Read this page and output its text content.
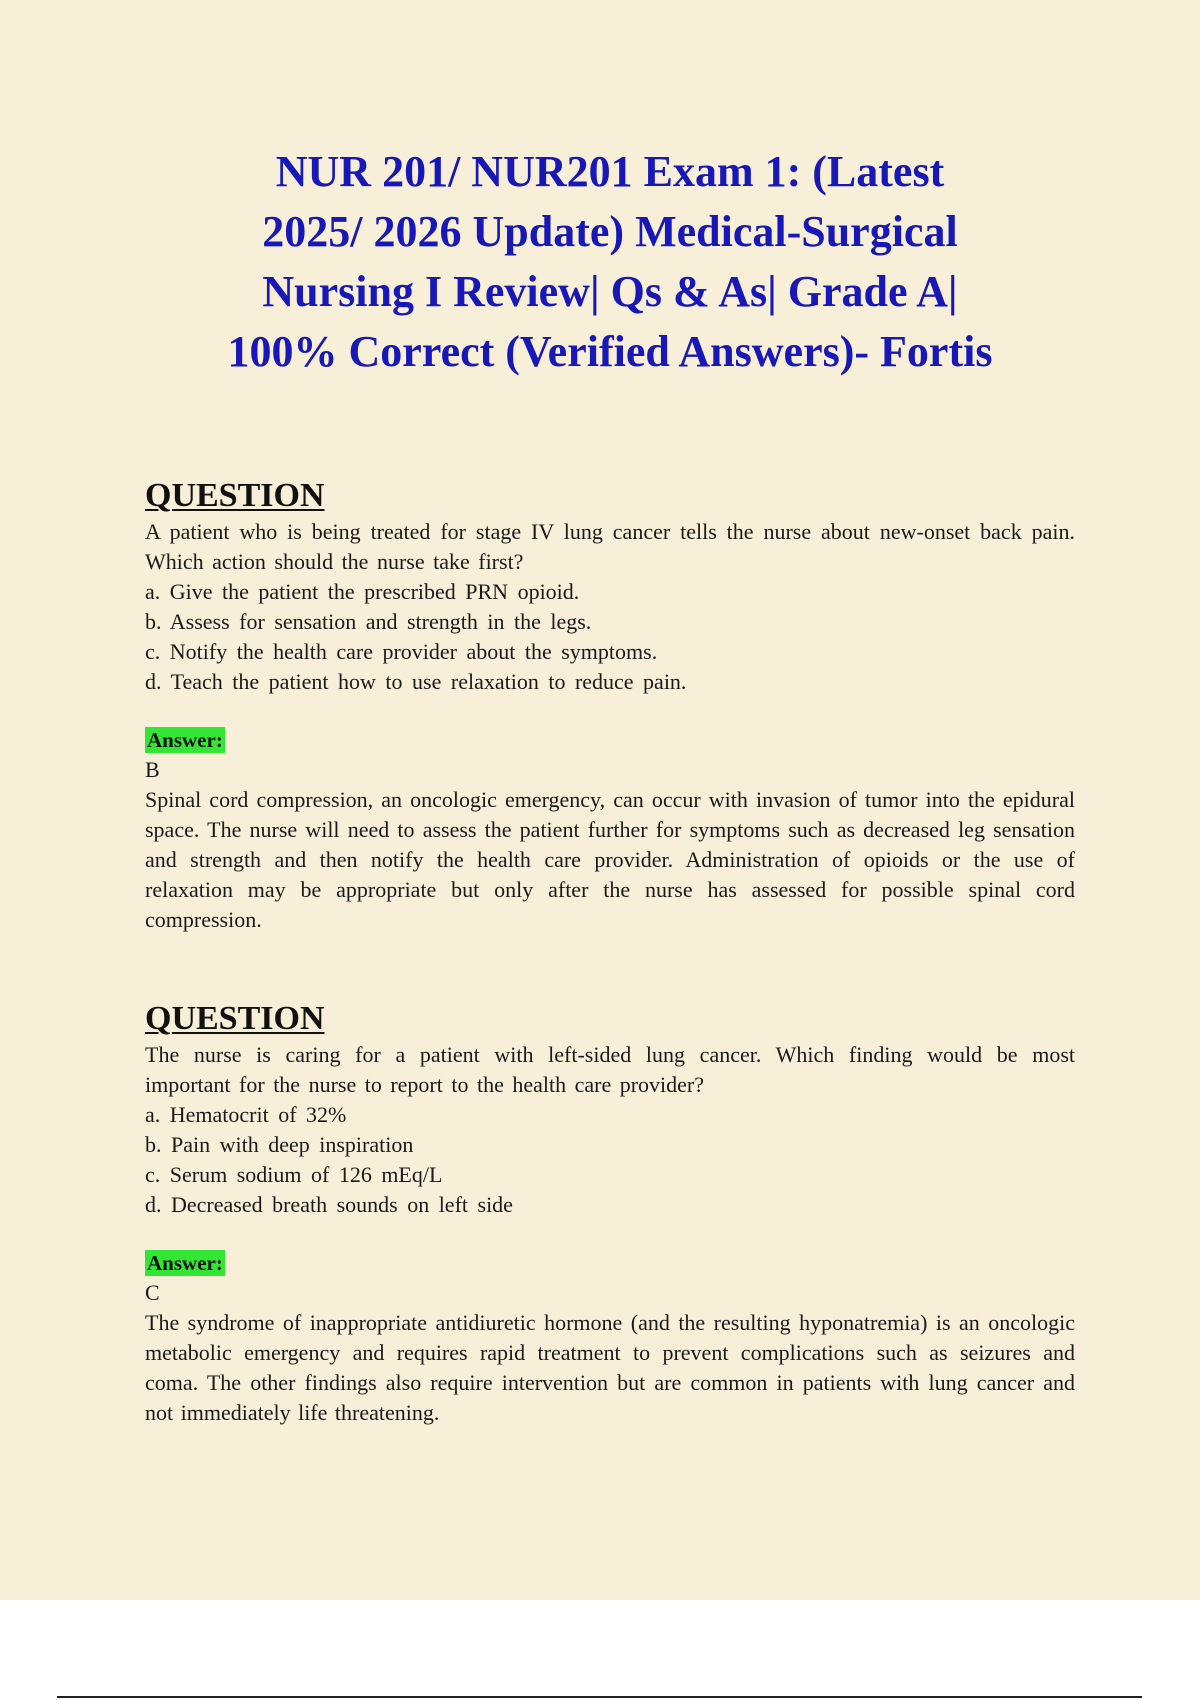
NUR 201/ NUR201 Exam 1: (Latest
2025/ 2026 Update) Medical-Surgical
Nursing I Review| Qs & As| Grade A|
100% Correct (Verified Answers)- Fortis
QUESTION

A patient who is being treated for stage IV lung cancer tells the nurse about new-onset back pain. Which action should the nurse take first?

a. Give the patient the prescribed PRN opioid.
b. Assess for sensation and strength in the legs.
c. Notify the health care provider about the symptoms.
d. Teach the patient how to use relaxation to reduce pain.
Answer:

B

Spinal cord compression, an oncologic emergency, can occur with invasion of tumor into the epidural space. The nurse will need to assess the patient further for symptoms such as decreased leg sensation and strength and then notify the health care provider. Administration of opioids or the use of relaxation may be appropriate but only after the nurse has assessed for possible spinal cord compression.

QUESTION

The nurse is caring for a patient with left-sided lung cancer. Which finding would be most important for the nurse to report to the health care provider?

a. Hematocrit of 32%
b. Pain with deep inspiration
c. Serum sodium of 126 mEq/L
d. Decreased breath sounds on left side
Answer:

C

The syndrome of inappropriate antidiuretic hormone (and the resulting hyponatremia) is an oncologic metabolic emergency and requires rapid treatment to prevent complications such as seizures and coma. The other findings also require intervention but are common in patients with lung cancer and not immediately life threatening.
